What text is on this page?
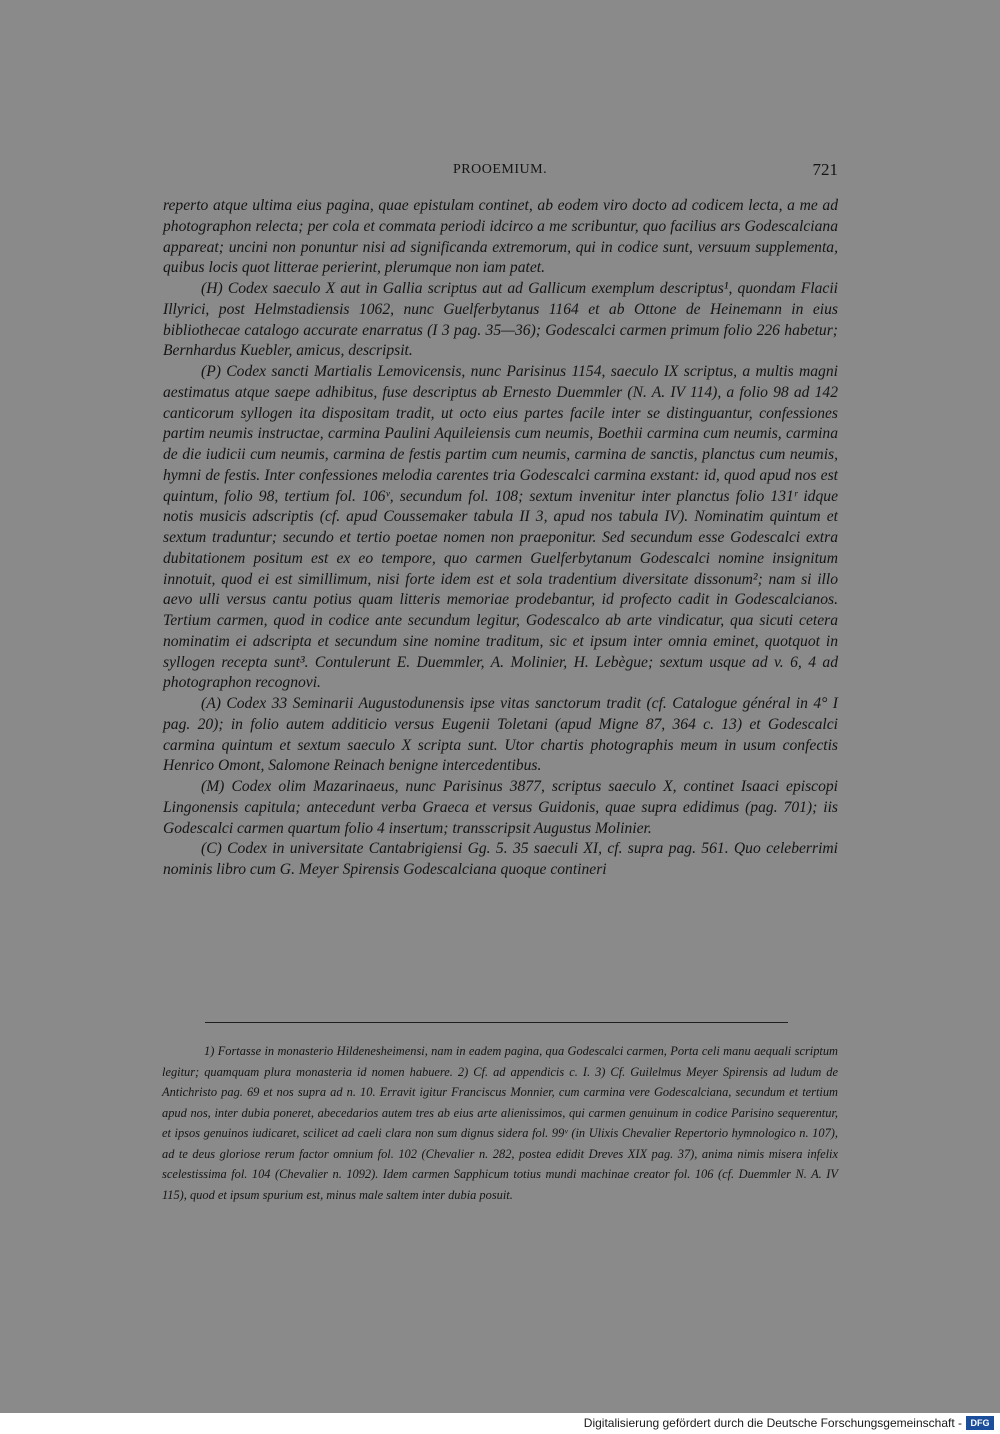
PROOEMIUM.	721

reperto atque ultima eius pagina, quae epistulam continet, ab eodem viro docto ad codicem lecta, a me ad photographon relecta; per cola et commata periodi idcirco a me scribuntur, quo facilius ars Godescalciana appareat; uncini non ponuntur nisi ad significanda extremorum, qui in codice sunt, versuum supplementa, quibus locis quot litterae perierint, plerumque non iam patet.

(H) Codex saeculo X aut in Gallia scriptus aut ad Gallicum exemplum descriptus¹, quondam Flacii Illyrici, post Helmstadiensis 1062, nunc Guelferbytanus 1164 et ab Ottone de Heinemann in eius bibliothecae catalogo accurate enarratus (I 3 pag. 35—36); Godescalci carmen primum folio 226 habetur; Bernhardus Kuebler, amicus, descripsit.

(P) Codex sancti Martialis Lemovicensis, nunc Parisinus 1154, saeculo IX scriptus, a multis magni aestimatus atque saepe adhibitus, fuse descriptus ab Ernesto Duemmler (N. A. IV 114), a folio 98 ad 142 canticorum syllogen ita dispositam tradit, ut octo eius partes facile inter se distinguantur, confessiones partim neumis instructae, carmina Paulini Aquileiensis cum neumis, Boethii carmina cum neumis, carmina de die iudicii cum neumis, carmina de festis partim cum neumis, carmina de sanctis, planctus cum neumis, hymni de festis. Inter confessiones melodia carentes tria Godescalci carmina exstant: id, quod apud nos est quintum, folio 98, tertium fol. 106ᵛ, secundum fol. 108; sextum invenitur inter planctus folio 131ʳ idque notis musicis adscriptis (cf. apud Coussemaker tabula II 3, apud nos tabula IV). Nominatim quintum et sextum traduntur; secundo et tertio poetae nomen non praeponitur. Sed secundum esse Godescalci extra dubitationem positum est ex eo tempore, quo carmen Guelferbytanum Godescalci nomine insignitum innotuit, quod ei est simillimum, nisi forte idem est et sola tradentium diversitate dissonum²; nam si illo aevo ulli versus cantu potius quam litteris memoriae prodebantur, id profecto cadit in Godescalcianos. Tertium carmen, quod in codice ante secundum legitur, Godescalco ab arte vindicatur, qua sicuti cetera nominatim ei adscripta et secundum sine nomine traditum, sic et ipsum inter omnia eminet, quotquot in syllogen recepta sunt³. Contulerunt E. Duemmler, A. Molinier, H. Lebègue; sextum usque ad v. 6, 4 ad photographon recognovi.

(A) Codex 33 Seminarii Augustodunensis ipse vitas sanctorum tradit (cf. Catalogue général in 4° I pag. 20); in folio autem additicio versus Eugenii Toletani (apud Migne 87, 364 c. 13) et Godescalci carmina quintum et sextum saeculo X scripta sunt. Utor chartis photographis meum in usum confectis Henrico Omont, Salomone Reinach benigne intercedentibus.

(M) Codex olim Mazarinaeus, nunc Parisinus 3877, scriptus saeculo X, continet Isaaci episcopi Lingonensis capitula; antecedunt verba Graeca et versus Guidonis, quae supra edidimus (pag. 701); iis Godescalci carmen quartum folio 4 insertum; transscripsit Augustus Molinier.

(C) Codex in universitate Cantabrigiensi Gg. 5. 35 saeculi XI, cf. supra pag. 561. Quo celeberrimi nominis libro cum G. Meyer Spirensis Godescalciana quoque contineri

1) Fortasse in monasterio Hildenesheimensi, nam in eadem pagina, qua Godescalci carmen, Porta celi manu aequali scriptum legitur; quamquam plura monasteria id nomen habuere. 2) Cf. ad appendicis c. I. 3) Cf. Guilelmus Meyer Spirensis ad ludum de Antichristo pag. 69 et nos supra ad n. 10. Erravit igitur Franciscus Monnier, cum carmina vere Godescalciana, secundum et tertium apud nos, inter dubia poneret, abecedarios autem tres ab eius arte alienissimos, qui carmen genuinum in codice Parisino sequerentur, et ipsos genuinos iudicaret, scilicet ad caeli clara non sum dignus sidera fol. 99ᵛ (in Ulixis Chevalier Repertorio hymnologico n. 107), ad te deus gloriose rerum factor omnium fol. 102 (Chevalier n. 282, postea edidit Dreves XIX pag. 37), anima nimis misera infelix scelestissima fol. 104 (Chevalier n. 1092). Idem carmen Sapphicum totius mundi machinae creator fol. 106 (cf. Duemmler N. A. IV 115), quod et ipsum spurium est, minus male saltem inter dubia posuit.

Digitalisierung gefördert durch die Deutsche Forschungsgemeinschaft - DFG
